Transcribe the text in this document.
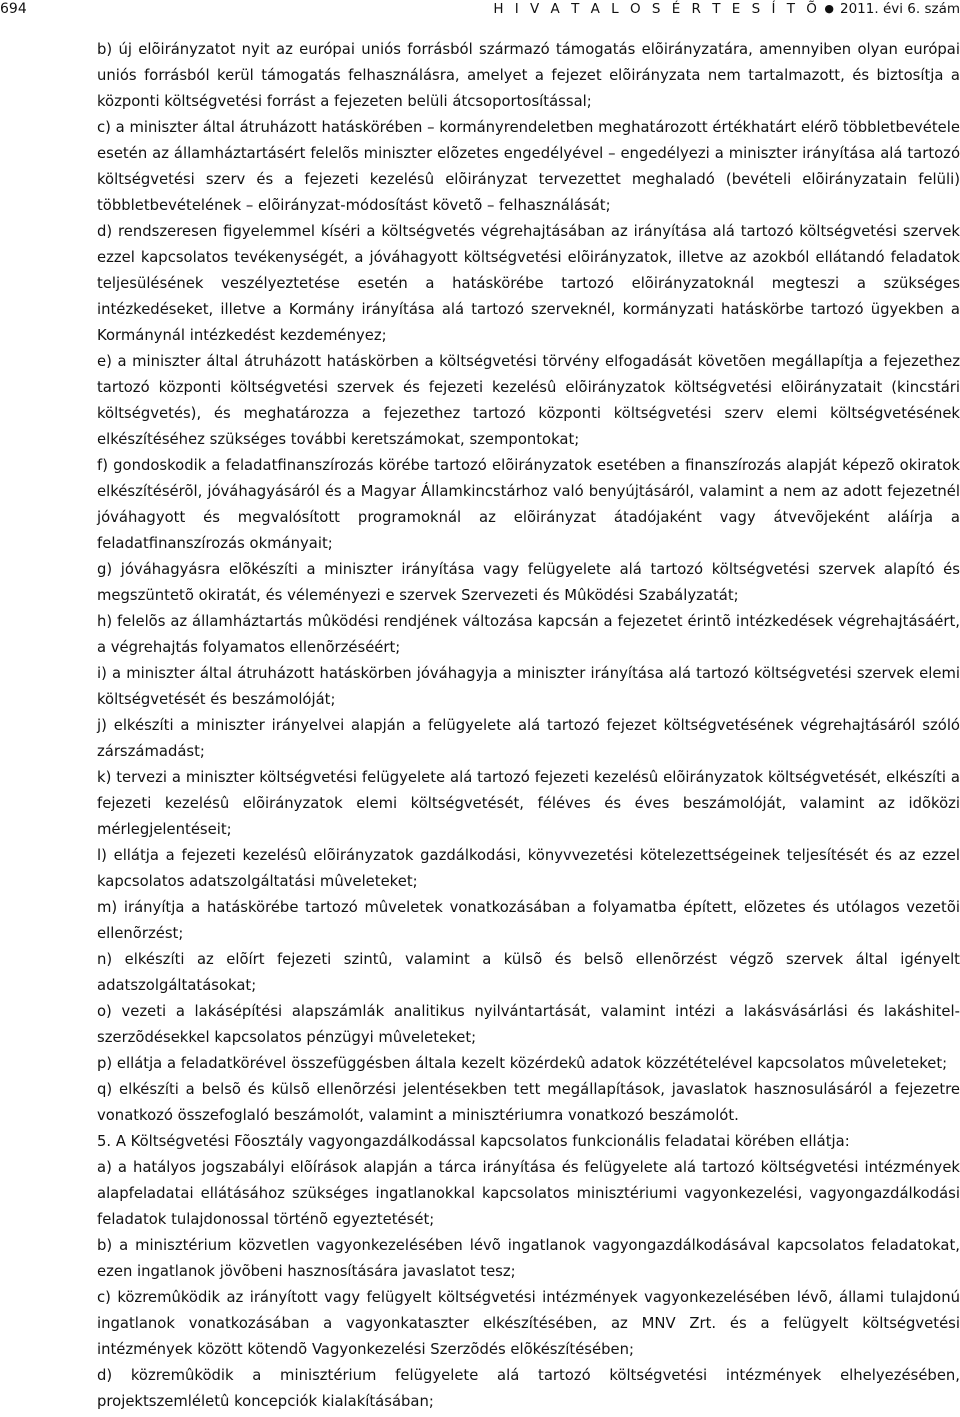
694	H I V A T A L O S É R T E S Í T Õ ● 2011. évi 6. szám

b) új elõirányzatot nyit az európai uniós forrásból származó támogatás elõirányzatára, amennyiben olyan európai uniós forrásból kerül támogatás felhasználásra, amelyet a fejezet elõirányzata nem tartalmazott, és biztosítja a központi költségvetési forrást a fejezeten belüli átcsoportosítással;

c) a miniszter által átruházott hatáskörében – kormányrendeletben meghatározott értékhatárt elérõ többletbevétele esetén az államháztartásért felelõs miniszter elõzetes engedélyével – engedélyezi a miniszter irányítása alá tartozó költségvetési szerv és a fejezeti kezelésû elõirányzat tervezettet meghaladó (bevételi elõirányzatain felüli) többletbevételének – elõirányzat-módosítást követõ – felhasználását;

d) rendszeresen figyelemmel kíséri a költségvetés végrehajtásában az irányítása alá tartozó költségvetési szervek ezzel kapcsolatos tevékenységét, a jóváhagyott költségvetési elõirányzatok, illetve az azokból ellátandó feladatok teljesülésének veszélyeztetése esetén a hatáskörébe tartozó elõirányzatoknál megteszi a szükséges intézkedéseket, illetve a Kormány irányítása alá tartozó szerveknél, kormányzati hatáskörbe tartozó ügyekben a Kormánynál intézkedést kezdeményez;

e) a miniszter által átruházott hatáskörben a költségvetési törvény elfogadását követõen megállapítja a fejezethez tartozó központi költségvetési szervek és fejezeti kezelésû elõirányzatok költségvetési elõirányzatait (kincstári költségvetés), és meghatározza a fejezethez tartozó központi költségvetési szerv elemi költségvetésének elkészítéséhez szükséges további keretszámokat, szempontokat;

f) gondoskodik a feladatfinanszírozás körébe tartozó elõirányzatok esetében a finanszírozás alapját képezõ okiratok elkészítésérõl, jóváhagyásáról és a Magyar Államkincstárhoz való benyújtásáról, valamint a nem az adott fejezetnél jóváhagyott és megvalósított programoknál az elõirányzat átadójaként vagy átvevõjeként aláírja a feladatfinanszírozás okmányait;

g) jóváhagyásra elõkészíti a miniszter irányítása vagy felügyelete alá tartozó költségvetési szervek alapító és megszüntetõ okiratát, és véleményezi e szervek Szervezeti és Mûködési Szabályzatát;

h) felelõs az államháztartás mûködési rendjének változása kapcsán a fejezetet érintõ intézkedések végrehajtásáért, a végrehajtás folyamatos ellenõrzéséért;

i) a miniszter által átruházott hatáskörben jóváhagyja a miniszter irányítása alá tartozó költségvetési szervek elemi költségvetését és beszámolóját;

j) elkészíti a miniszter irányelvei alapján a felügyelete alá tartozó fejezet költségvetésének végrehajtásáról szóló zárszámadást;

k) tervezi a miniszter költségvetési felügyelete alá tartozó fejezeti kezelésû elõirányzatok költségvetését, elkészíti a fejezeti kezelésû elõirányzatok elemi költségvetését, féléves és éves beszámolóját, valamint az idõközi mérlegjelentéseit;

l) ellátja a fejezeti kezelésû elõirányzatok gazdálkodási, könyvvezetési kötelezettségeinek teljesítését és az ezzel kapcsolatos adatszolgáltatási mûveleteket;

m) irányítja a hatáskörébe tartozó mûveletek vonatkozásában a folyamatba épített, elõzetes és utólagos vezetõi ellenõrzést;

n) elkészíti az elõírt fejezeti szintû, valamint a külsõ és belsõ ellenõrzést végzõ szervek által igényelt adatszolgáltatásokat;

o) vezeti a lakásépítési alapszámlák analitikus nyilvántartását, valamint intézi a lakásvásárlási és lakáshitel-szerzõdésekkel kapcsolatos pénzügyi mûveleteket;

p) ellátja a feladatkörével összefüggésben általa kezelt közérdekû adatok közzétételével kapcsolatos mûveleteket;

q) elkészíti a belsõ és külsõ ellenõrzési jelentésekben tett megállapítások, javaslatok hasznosulásáról a fejezetre vonatkozó összefoglaló beszámolót, valamint a minisztériumra vonatkozó beszámolót.

5. A Költségvetési Fõosztály vagyongazdálkodással kapcsolatos funkcionális feladatai körében ellátja:

a) a hatályos jogszabályi elõírások alapján a tárca irányítása és felügyelete alá tartozó költségvetési intézmények alapfeladatai ellátásához szükséges ingatlanokkal kapcsolatos minisztériumi vagyonkezelési, vagyongazdálkodási feladatok tulajdonossal történõ egyeztetését;

b) a minisztérium közvetlen vagyonkezelésében lévõ ingatlanok vagyongazdálkodásával kapcsolatos feladatokat, ezen ingatlanok jövõbeni hasznosítására javaslatot tesz;

c) közremûködik az irányított vagy felügyelt költségvetési intézmények vagyonkezelésében lévõ, állami tulajdonú ingatlanok vonatkozásában a vagyonkataszter elkészítésében, az MNV Zrt. és a felügyelt költségvetési intézmények között kötendõ Vagyonkezelési Szerzõdés elõkészítésében;

d) közremûködik a minisztérium felügyelete alá tartozó költségvetési intézmények elhelyezésében, projektszemléletû koncepciók kialakításában;
